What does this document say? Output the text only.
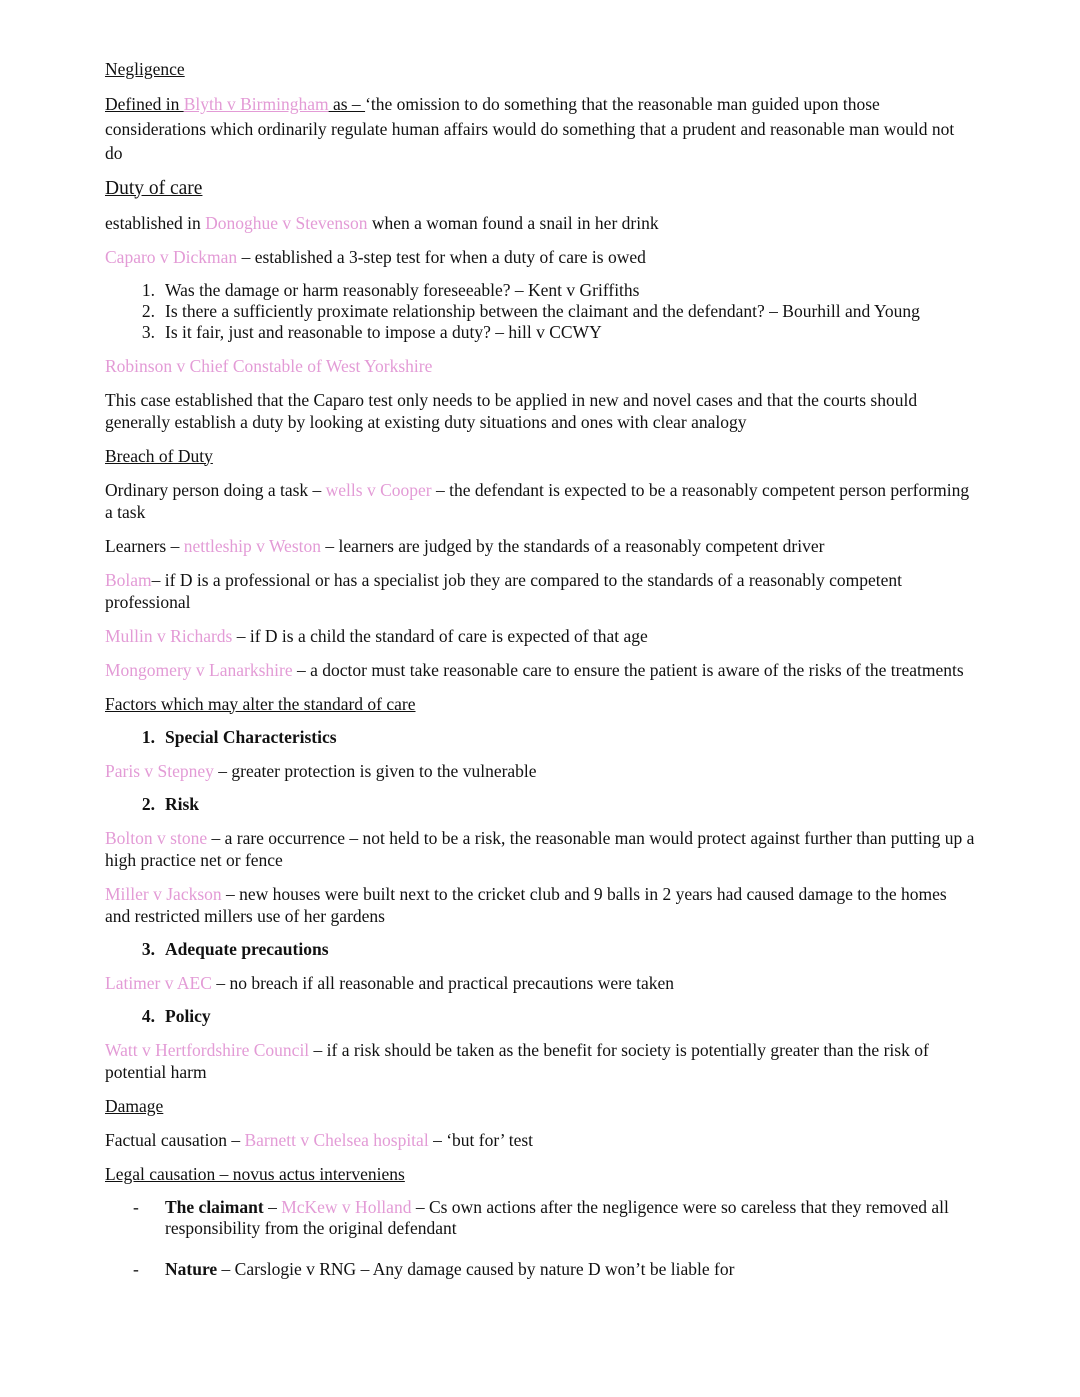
Negligence

Defined in Blyth v Birmingham as – ‘the omission to do something that the reasonable man guided upon those considerations which ordinarily regulate human affairs would do something that a prudent and reasonable man would not do

Duty of care

established in Donoghue v Stevenson when a woman found a snail in her drink

Caparo v Dickman – established a 3-step test for when a duty of care is owed

1. Was the damage or harm reasonably foreseeable? – Kent v Griffiths

2. Is there a sufficiently proximate relationship between the claimant and the defendant? – Bourhill and Young

3. Is it fair, just and reasonable to impose a duty? – hill v CCWY

Robinson v Chief Constable of West Yorkshire

This case established that the Caparo test only needs to be applied in new and novel cases and that the courts should generally establish a duty by looking at existing duty situations and ones with clear analogy

Breach of Duty

Ordinary person doing a task – wells v Cooper – the defendant is expected to be a reasonably competent person performing a task

Learners – nettleship v Weston – learners are judged by the standards of a reasonably competent driver

Bolam– if D is a professional or has a specialist job they are compared to the standards of a reasonably competent professional

Mullin v Richards – if D is a child the standard of care is expected of that age

Mongomery v Lanarkshire – a doctor must take reasonable care to ensure the patient is aware of the risks of the treatments

Factors which may alter the standard of care

1. Special Characteristics

Paris v Stepney – greater protection is given to the vulnerable

2. Risk

Bolton v stone – a rare occurrence – not held to be a risk, the reasonable man would protect against further than putting up a high practice net or fence

Miller v Jackson – new houses were built next to the cricket club and 9 balls in 2 years had caused damage to the homes and restricted millers use of her gardens

3. Adequate precautions

Latimer v AEC – no breach if all reasonable and practical precautions were taken

4. Policy

Watt v Hertfordshire Council – if a risk should be taken as the benefit for society is potentially greater than the risk of potential harm

Damage

Factual causation – Barnett v Chelsea hospital – ‘but for’ test

Legal causation – novus actus interveniens

- The claimant – McKew v Holland – Cs own actions after the negligence were so careless that they removed all responsibility from the original defendant

- Nature – Carslogie v RNG – Any damage caused by nature D won’t be liable for
